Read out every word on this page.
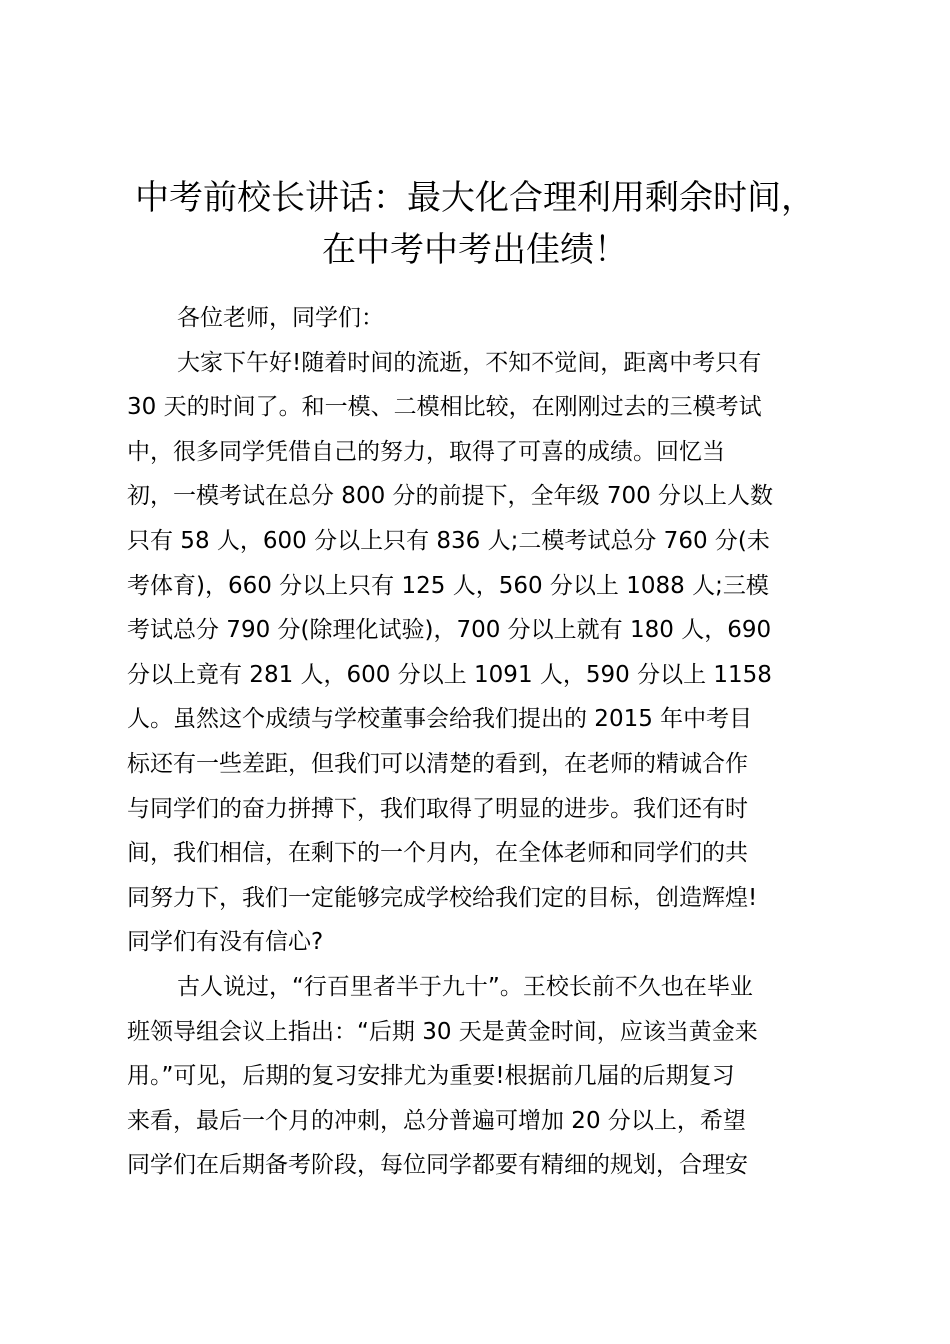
中考前校长讲话：最大化合理利用剩余时间，
在中考中考出佳绩！
各位老师，同学们：
大家下午好!随着时间的流逝，不知不觉间，距离中考只有
30 天的时间了。和一模、二模相比较，在刚刚过去的三模考试
中，很多同学凭借自己的努力，取得了可喜的成绩。回忆当
初，一模考试在总分 800 分的前提下，全年级 700 分以上人数
只有 58 人，600 分以上只有 836 人;二模考试总分 760 分(未
考体育)，660 分以上只有 125 人，560 分以上 1088 人;三模
考试总分 790 分(除理化试验)，700 分以上就有 180 人，690
分以上竟有 281 人，600 分以上 1091 人，590 分以上 1158
人。虽然这个成绩与学校董事会给我们提出的 2015 年中考目
标还有一些差距，但我们可以清楚的看到，在老师的精诚合作
与同学们的奋力拼搏下，我们取得了明显的进步。我们还有时
间，我们相信，在剩下的一个月内，在全体老师和同学们的共
同努力下，我们一定能够完成学校给我们定的目标，创造辉煌!
同学们有没有信心?
古人说过，“行百里者半于九十”。王校长前不久也在毕业
班领导组会议上指出：“后期 30 天是黄金时间，应该当黄金来
用。”可见，后期的复习安排尤为重要!根据前几届的后期复习
来看，最后一个月的冲刺，总分普遍可增加 20 分以上，希望
同学们在后期备考阶段，每位同学都要有精细的规划，合理安
